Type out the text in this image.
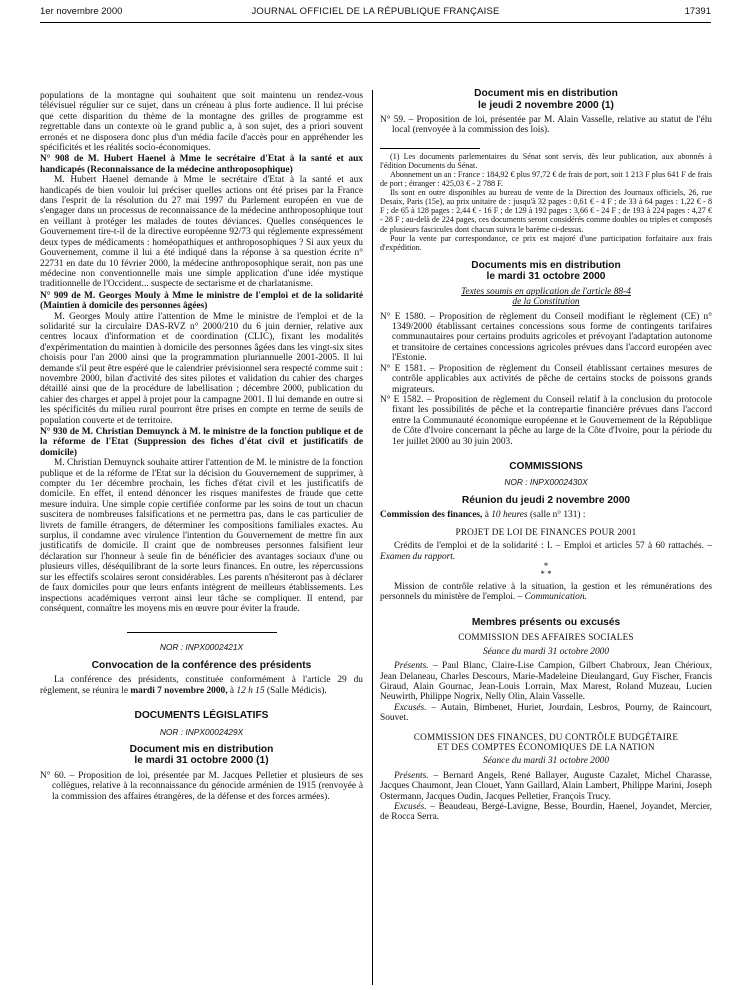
1er novembre 2000	JOURNAL OFFICIEL DE LA RÉPUBLIQUE FRANÇAISE	17391

populations de la montagne qui souhaitent que soit maintenu un rendez-vous télévisuel régulier sur ce sujet, dans un créneau à plus forte audience. Il lui précise que cette disparition du thème de la montagne des grilles de programme est regrettable dans un contexte où le grand public a, à son sujet, des a priori souvent erronés et ne disposera donc plus d'un média facile d'accès pour en appréhender les spécificités et les réalités socio-économiques.

N° 908 de M. Hubert Haenel à Mme le secrétaire d'Etat à la santé et aux handicapés (Reconnaissance de la médecine anthroposophique)

M. Hubert Haenel demande à Mme le secrétaire d'Etat à la santé et aux handicapés de bien vouloir lui préciser quelles actions ont été prises par la France dans l'esprit de la résolution du 27 mai 1997 du Parlement européen en vue de s'engager dans un processus de reconnaissance de la médecine anthroposophique tout en veillant à protéger les malades de toutes déviances. Quelles conséquences le Gouvernement tire-t-il de la directive européenne 92/73 qui réglemente expressément deux types de médicaments : homéopathiques et anthroposophiques ? Si aux yeux du Gouvernement, comme il lui a été indiqué dans la réponse à sa question écrite n° 22731 en date du 10 février 2000, la médecine anthroposophique serait, non pas une médecine non conventionnelle mais une simple application d'une idée mystique traditionnelle de l'Occident... suspecte de sectarisme et de charlatanisme.

N° 909 de M. Georges Mouly à Mme le ministre de l'emploi et de la solidarité (Maintien à domicile des personnes âgées)

M. Georges Mouly attire l'attention de Mme le ministre de l'emploi et de la solidarité sur la circulaire DAS-RVZ n° 2000/210 du 6 juin dernier, relative aux centres locaux d'information et de coordination (CLIC), fixant les modalités d'expérimentation du maintien à domicile des personnes âgées dans les vingt-six sites choisis pour l'an 2000 ainsi que la programmation pluriannuelle 2001-2005. Il lui demande s'il peut être espéré que le calendrier prévisionnel sera respecté comme suit : novembre 2000, bilan d'activité des sites pilotes et validation du cahier des charges détaillé ainsi que de la procédure de labellisation ; décembre 2000, publication du cahier des charges et appel à projet pour la campagne 2001. Il lui demande en outre si les spécificités du milieu rural pourront être prises en compte en terme de seuils de population couverte et de territoire.

N° 930 de M. Christian Demuynck à M. le ministre de la fonction publique et de la réforme de l'Etat (Suppression des fiches d'état civil et justificatifs de domicile)

M. Christian Demuynck souhaite attirer l'attention de M. le ministre de la fonction publique et de la réforme de l'Etat sur la décision du Gouvernement de supprimer, à compter du 1er décembre prochain, les fiches d'état civil et les justificatifs de domicile. En effet, il entend dénoncer les risques manifestes de fraude que cette mesure induira. Une simple copie certifiée conforme par les soins de tout un chacun suscitera de nombreuses falsifications et ne permettra pas, dans le cas particulier de livrets de famille étrangers, de déterminer les compositions familiales exactes. Au surplus, il condamne avec virulence l'intention du Gouvernement de mettre fin aux justificatifs de domicile. Il craint que de nombreuses personnes falsifient leur déclaration sur l'honneur à seule fin de bénéficier des avantages sociaux d'une ou plusieurs villes, déséquilibrant de la sorte leurs finances. En outre, les répercussions sur les effectifs scolaires seront considérables. Les parents n'hésiteront pas à déclarer de faux domiciles pour que leurs enfants intègrent de meilleurs établissements. Les inspections académiques verront ainsi leur tâche se compliquer. Il entend, par conséquent, connaître les moyens mis en œuvre pour éviter la fraude.

NOR : INPX0002421X
Convocation de la conférence des présidents

La conférence des présidents, constituée conformément à l'article 29 du règlement, se réunira le mardi 7 novembre 2000, à 12 h 15 (Salle Médicis).

DOCUMENTS LÉGISLATIFS
NOR : INPX0002429X
Document mis en distribution
le mardi 31 octobre 2000 (1)

N° 60. – Proposition de loi, présentée par M. Jacques Pelletier et plusieurs de ses collègues, relative à la reconnaissance du génocide arménien de 1915 (renvoyée à la commission des affaires étrangères, de la défense et des forces armées).

Document mis en distribution
le jeudi 2 novembre 2000 (1)

N° 59. – Proposition de loi, présentée par M. Alain Vasselle, relative au statut de l'élu local (renvoyée à la commission des lois).

(1) Les documents parlementaires du Sénat sont servis, dès leur publication, aux abonnés à l'édition Documents du Sénat.

Abonnement un an : France : 184,92 € plus 97,72 € de frais de port, soit 1 213 F plus 641 F de frais de port ; étranger : 425,03 € - 2 788 F.

Ils sont en outre disponibles au bureau de vente de la Direction des Journaux officiels, 26, rue Desaix, Paris (15e), au prix unitaire de : jusqu'à 32 pages : 0,61 € - 4 F ; de 33 à 64 pages : 1,22 € - 8 F ; de 65 à 128 pages : 2,44 € - 16 F ; de 129 à 192 pages : 3,66 € - 24 F ; de 193 à 224 pages : 4,27 € - 28 F ; au-delà de 224 pages, ces documents seront considérés comme doubles ou triples et composés de plusieurs fascicules dont chacun suivra le barème ci-dessus.

Pour la vente par correspondance, ce prix est majoré d'une participation forfaitaire aux frais d'expédition.

Documents mis en distribution
le mardi 31 octobre 2000
Textes soumis en application de l'article 88-4
de la Constitution

N° E 1580. – Proposition de règlement du Conseil modifiant le règlement (CE) n° 1349/2000 établissant certaines concessions sous forme de contingents tarifaires communautaires pour certains produits agricoles et prévoyant l'adaptation autonome et transitoire de certaines concessions agricoles prévues dans l'accord européen avec l'Estonie.

N° E 1581. – Proposition de règlement du Conseil établissant certaines mesures de contrôle applicables aux activités de pêche de certains stocks de poissons grands migrateurs.

N° E 1582. – Proposition de règlement du Conseil relatif à la conclusion du protocole fixant les possibilités de pêche et la contrepartie financière prévues dans l'accord entre la Communauté économique européenne et le Gouvernement de la République de Côte d'Ivoire concernant la pêche au large de la Côte d'Ivoire, pour la période du 1er juillet 2000 au 30 juin 2003.

COMMISSIONS
NOR : INPX0002430X
Réunion du jeudi 2 novembre 2000

Commission des finances, à 10 heures (salle n° 131) :

PROJET DE LOI DE FINANCES POUR 2001

Crédits de l'emploi et de la solidarité : I. – Emploi et articles 57 à 60 rattachés. – Examen du rapport.

*
* *

Mission de contrôle relative à la situation, la gestion et les rémunérations des personnels du ministère de l'emploi. – Communication.

Membres présents ou excusés
COMMISSION DES AFFAIRES SOCIALES
Séance du mardi 31 octobre 2000

Présents. – Paul Blanc, Claire-Lise Campion, Gilbert Chabroux, Jean Chérioux, Jean Delaneau, Charles Descours, Marie-Madeleine Dieulangard, Guy Fischer, Francis Giraud, Alain Gournac, Jean-Louis Lorrain, Max Marest, Roland Muzeau, Lucien Neuwirth, Philippe Nogrix, Nelly Olin, Alain Vasselle.

Excusés. – Autain, Bimbenet, Huriet, Jourdain, Lesbros, Pourny, de Raincourt, Souvet.

COMMISSION DES FINANCES, DU CONTRÔLE BUDGÉTAIRE
ET DES COMPTES ÉCONOMIQUES DE LA NATION
Séance du mardi 31 octobre 2000

Présents. – Bernard Angels, René Ballayer, Auguste Cazalet, Michel Charasse, Jacques Chaumont, Jean Clouet, Yann Gaillard, Alain Lambert, Philippe Marini, Joseph Ostermann, Jacques Oudin, Jacques Pelletier, François Trucy.

Excusés. – Beaudeau, Bergé-Lavigne, Besse, Bourdin, Haenel, Joyandet, Mercier, de Rocca Serra.
